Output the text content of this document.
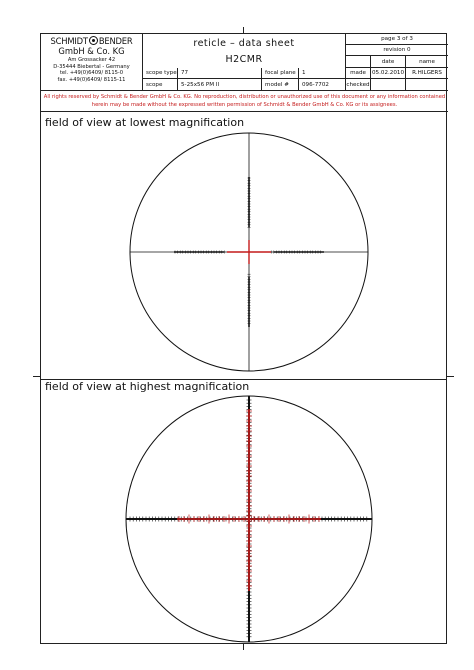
SCHMIDT BENDER
GmbH & Co. KG
Am Grossacker 42
D-35444 Biebertal - Germany
tel. +49(0)6409/ 8115-0
fax. +49(0)6409/ 8115-11
reticle – data sheet
H2CMR
page 3 of 3
revision 0
date	name
scope type 77	focal plane	1	made	05.02.2010	R.HILGERS
scope	5-25x56 PM II	model #	096-7702	checked
All rights reserved by Schmidt & Bender GmbH & Co. KG. No reproduction, distribution or unauthorized use of this document or any information contained herein may be made without the expressed written permission of Schmidt & Bender GmbH & Co. KG or its assignees.
field of view at lowest magnification
field of view at highest magnification
